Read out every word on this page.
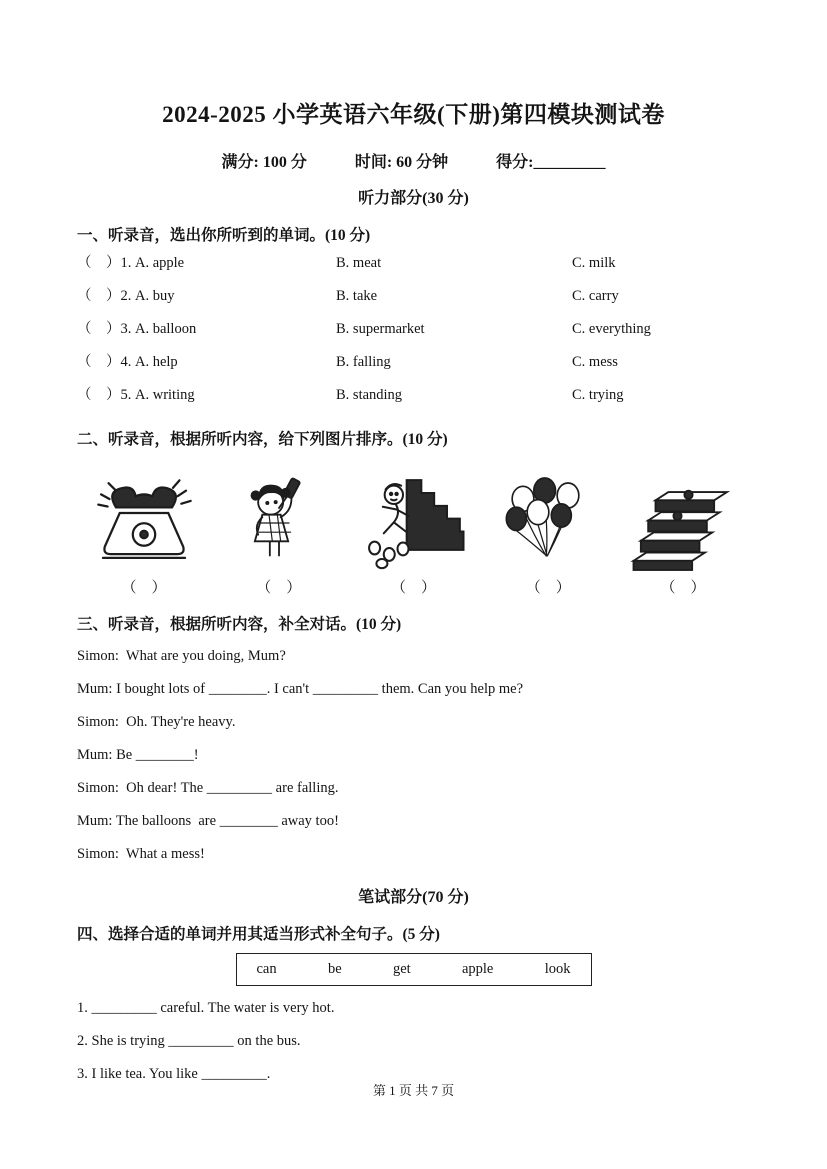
2024-2025 小学英语六年级(下册)第四模块测试卷
满分: 100 分	时间: 60 分钟	得分:_________
听力部分(30 分)
一、听录音，选出你所听到的单词。(10 分)
（    ）1. A. apple	B. meat	C. milk
（    ）2. A. buy	B. take	C. carry
（    ）3. A. balloon	B. supermarket	C. everything
（    ）4. A. help	B. falling	C. mess
（    ）5. A. writing	B. standing	C. trying
二、听录音，根据所听内容，给下列图片排序。(10 分)
（    ）	（    ）	（    ）	（    ）	（    ）
三、听录音，根据所听内容，补全对话。(10 分)
Simon:  What are you doing, Mum?
Mum: I bought lots of ________. I can't _________ them. Can you help me?
Simon:  Oh. They're heavy.
Mum: Be ________!
Simon:  Oh dear! The _________ are falling.
Mum: The balloons  are ________ away too!
Simon:  What a mess!
笔试部分(70 分)
四、选择合适的单词并用其适当形式补全句子。(5 分)
can	be	get	apple	look
1. _________ careful. The water is very hot.
2. She is trying _________ on the bus.
3. I like tea. You like _________.
第 1 页 共 7 页
